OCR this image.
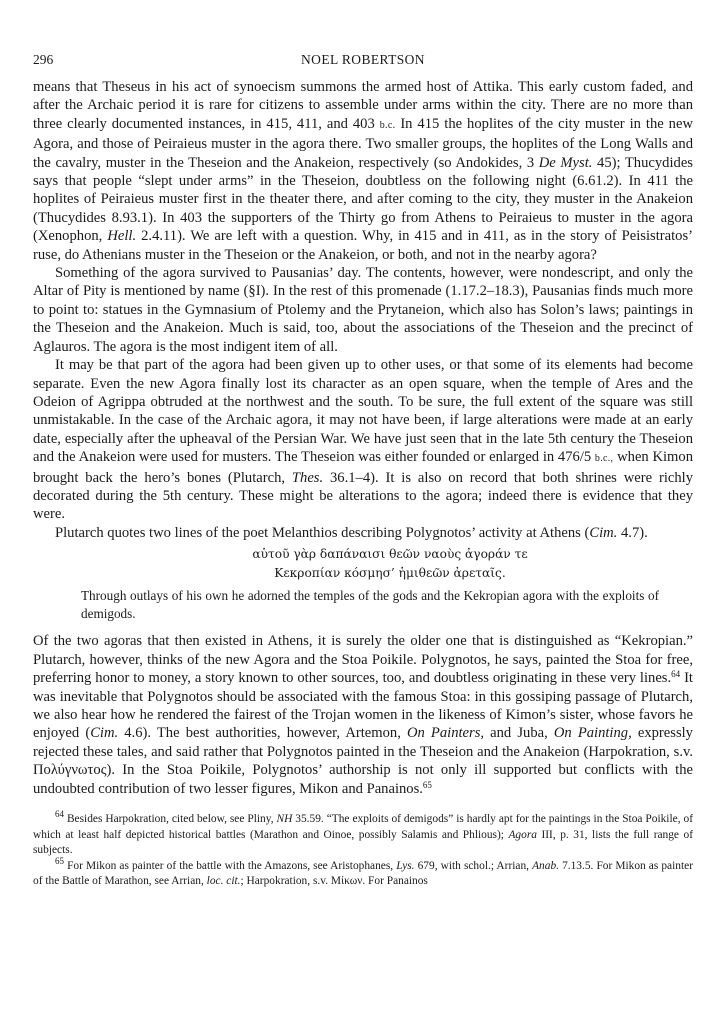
296	NOEL ROBERTSON

means that Theseus in his act of synoecism summons the armed host of Attika. This early custom faded, and after the Archaic period it is rare for citizens to assemble under arms within the city. There are no more than three clearly documented instances, in 415, 411, and 403 b.c. In 415 the hoplites of the city muster in the new Agora, and those of Peiraieus muster in the agora there. Two smaller groups, the hoplites of the Long Walls and the cavalry, muster in the Theseion and the Anakeion, respectively (so Andokides, 3 De Myst. 45); Thucydides says that people “slept under arms” in the Theseion, doubtless on the following night (6.61.2). In 411 the hoplites of Peiraieus muster first in the theater there, and after coming to the city, they muster in the Anakeion (Thucydides 8.93.1). In 403 the supporters of the Thirty go from Athens to Peiraieus to muster in the agora (Xenophon, Hell. 2.4.11). We are left with a question. Why, in 415 and in 411, as in the story of Peisistratos’ ruse, do Athenians muster in the Theseion or the Anakeion, or both, and not in the nearby agora?

Something of the agora survived to Pausanias’ day. The contents, however, were nondescript, and only the Altar of Pity is mentioned by name (§I). In the rest of this promenade (1.17.2–18.3), Pausanias finds much more to point to: statues in the Gymnasium of Ptolemy and the Prytaneion, which also has Solon’s laws; paintings in the Theseion and the Anakeion. Much is said, too, about the associations of the Theseion and the precinct of Aglauros. The agora is the most indigent item of all.

It may be that part of the agora had been given up to other uses, or that some of its elements had become separate. Even the new Agora finally lost its character as an open square, when the temple of Ares and the Odeion of Agrippa obtruded at the northwest and the south. To be sure, the full extent of the square was still unmistakable. In the case of the Archaic agora, it may not have been, if large alterations were made at an early date, especially after the upheaval of the Persian War. We have just seen that in the late 5th century the Theseion and the Anakeion were used for musters. The Theseion was either founded or enlarged in 476/5 b.c., when Kimon brought back the hero’s bones (Plutarch, Thes. 36.1–4). It is also on record that both shrines were richly decorated during the 5th century. These might be alterations to the agora; indeed there is evidence that they were.

Plutarch quotes two lines of the poet Melanthios describing Polygnotos’ activity at Athens (Cim. 4.7).

αὑτοῦ γὰρ δαπάναισι θεῶν ναοὺς ἀγοράν τε
Κεκροπίαν κόσμησ’ ἡμιθεῶν ἀρεταῖς.
Through outlays of his own he adorned the temples of the gods and the Kekropian agora with the exploits of demigods.

Of the two agoras that then existed in Athens, it is surely the older one that is distinguished as “Kekropian.” Plutarch, however, thinks of the new Agora and the Stoa Poikile. Polygnotos, he says, painted the Stoa for free, preferring honor to money, a story known to other sources, too, and doubtless originating in these very lines.$^{64}$ It was inevitable that Polygnotos should be associated with the famous Stoa: in this gossiping passage of Plutarch, we also hear how he rendered the fairest of the Trojan women in the likeness of Kimon’s sister, whose favors he enjoyed (Cim. 4.6). The best authorities, however, Artemon, On Painters, and Juba, On Painting, expressly rejected these tales, and said rather that Polygnotos painted in the Theseion and the Anakeion (Harpokration, s.v. Πολύγνωτος). In the Stoa Poikile, Polygnotos’ authorship is not only ill supported but conflicts with the undoubted contribution of two lesser figures, Mikon and Panainos.$^{65}$

$^{64}$ Besides Harpokration, cited below, see Pliny, NH 35.59. “The exploits of demigods” is hardly apt for the paintings in the Stoa Poikile, of which at least half depicted historical battles (Marathon and Oinoe, possibly Salamis and Phlious); Agora III, p. 31, lists the full range of subjects.

$^{65}$ For Mikon as painter of the battle with the Amazons, see Aristophanes, Lys. 679, with schol.; Arrian, Anab. 7.13.5. For Mikon as painter of the Battle of Marathon, see Arrian, loc. cit.; Harpokration, s.v. Μίκων. For Panainos
